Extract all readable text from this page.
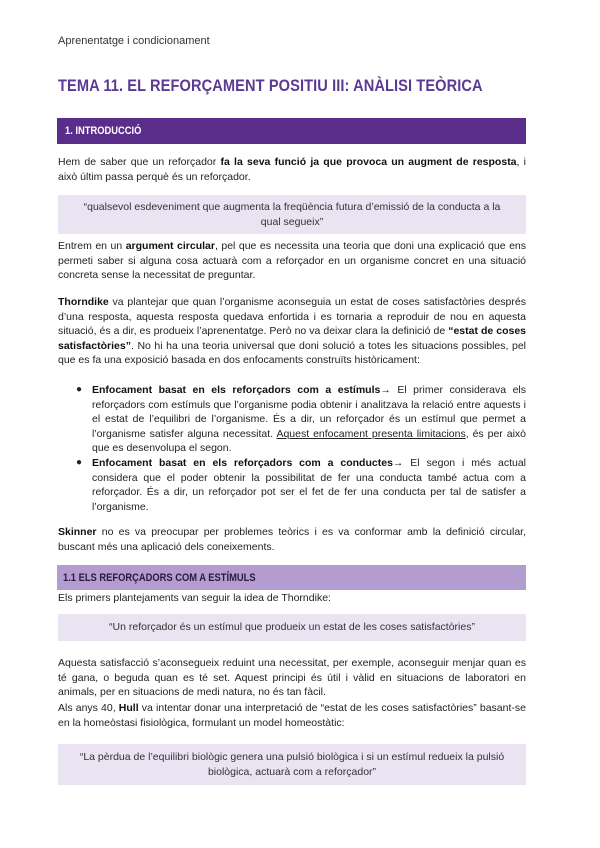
Aprenentatge i condicionament
TEMA 11. EL REFORÇAMENT POSITIU III: ANÀLISI TEÒRICA
1. INTRODUCCIÓ
Hem de saber que un reforçador fa la seva funció ja que provoca un augment de resposta, i això últim passa perquè és un reforçador.
“qualsevol esdeveniment que augmenta la freqüència futura d’emissió de la conducta a la qual segueix”
Entrem en un argument circular, pel que es necessita una teoria que doni una explicació que ens permeti saber si alguna cosa actuarà com a reforçador en un organisme concret en una situació concreta sense la necessitat de preguntar.
Thorndike va plantejar que quan l’organisme aconseguia un estat de coses satisfactòries després d’una resposta, aquesta resposta quedava enfortida i es tornaria a reproduir de nou en aquesta situació, és a dir, es produeix l’aprenentatge. Però no va deixar clara la definició de “estat de coses satisfactòries”. No hi ha una teoria universal que doni solució a totes les situacions possibles, pel que es fa una exposició basada en dos enfocaments construïts històricament:
● Enfocament basat en els reforçadors com a estímuls→ El primer considerava els reforçadors com estímuls que l’organisme podia obtenir i analitzava la relació entre aquests i el estat de l’equilibri de l’organisme. És a dir, un reforçador és un estímul que permet a l’organisme satisfer alguna necessitat. Aquest enfocament presenta limitacions, és per això que es desenvolupa el segon.
● Enfocament basat en els reforçadors com a conductes→ El segon i més actual considera que el poder obtenir la possibilitat de fer una conducta també actua com a reforçador. És a dir, un reforçador pot ser el fet de fer una conducta per tal de satisfer a l’organisme.
Skinner no es va preocupar per problemes teòrics i es va conformar amb la definició circular, buscant més una aplicació dels coneixements.
1.1 ELS REFORÇADORS COM A ESTÍMULS
Els primers plantejaments van seguir la idea de Thorndike:
“Un reforçador és un estímul que produeix un estat de les coses satisfactòries”
Aquesta satisfacció s’aconsegueix reduint una necessitat, per exemple, aconseguir menjar quan es té gana, o beguda quan es té set. Aquest principi és útil i vàlid en situacions de laboratori en animals, per en situacions de medi natura, no és tan fàcil.
Als anys 40, Hull va intentar donar una interpretació de “estat de les coses satisfactòries” basant-se en la homeòstasi fisiològica, formulant un model homeostàtic:
“La pèrdua de l’equilibri biològic genera una pulsió biològica i si un estímul redueix la pulsió biològica, actuarà com a reforçador”
